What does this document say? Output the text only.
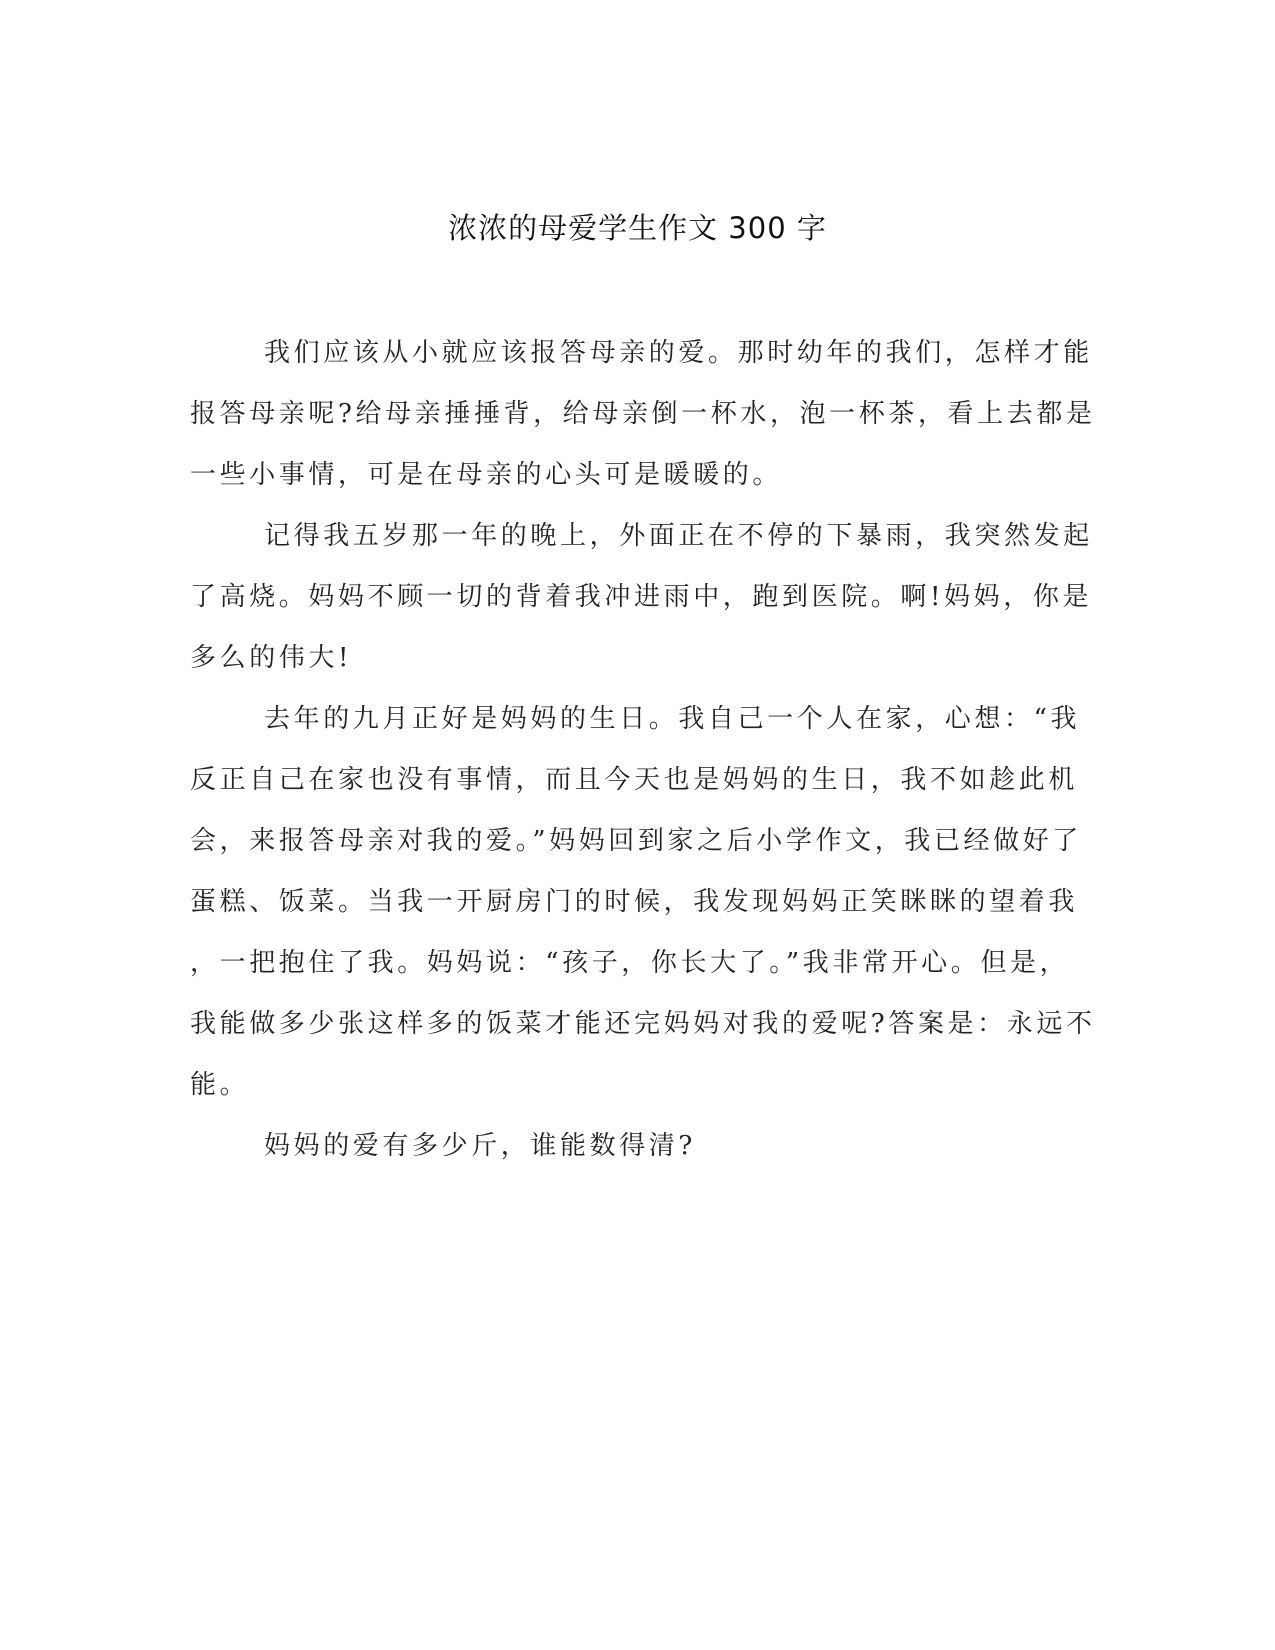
浓浓的母爱学生作文 300 字
我们应该从小就应该报答母亲的爱。那时幼年的我们，怎样才能
报答母亲呢?给母亲捶捶背，给母亲倒一杯水，泡一杯茶，看上去都是
一些小事情，可是在母亲的心头可是暖暖的。
记得我五岁那一年的晚上，外面正在不停的下暴雨，我突然发起
了高烧。妈妈不顾一切的背着我冲进雨中，跑到医院。啊!妈妈，你是
多么的伟大!
去年的九月正好是妈妈的生日。我自己一个人在家，心想：“我
反正自己在家也没有事情，而且今天也是妈妈的生日，我不如趁此机
会，来报答母亲对我的爱。”妈妈回到家之后小学作文，我已经做好了
蛋糕、饭菜。当我一开厨房门的时候，我发现妈妈正笑眯眯的望着我
，一把抱住了我。妈妈说：“孩子，你长大了。”我非常开心。但是，
我能做多少张这样多的饭菜才能还完妈妈对我的爱呢?答案是：永远不
能。
妈妈的爱有多少斤，谁能数得清?
